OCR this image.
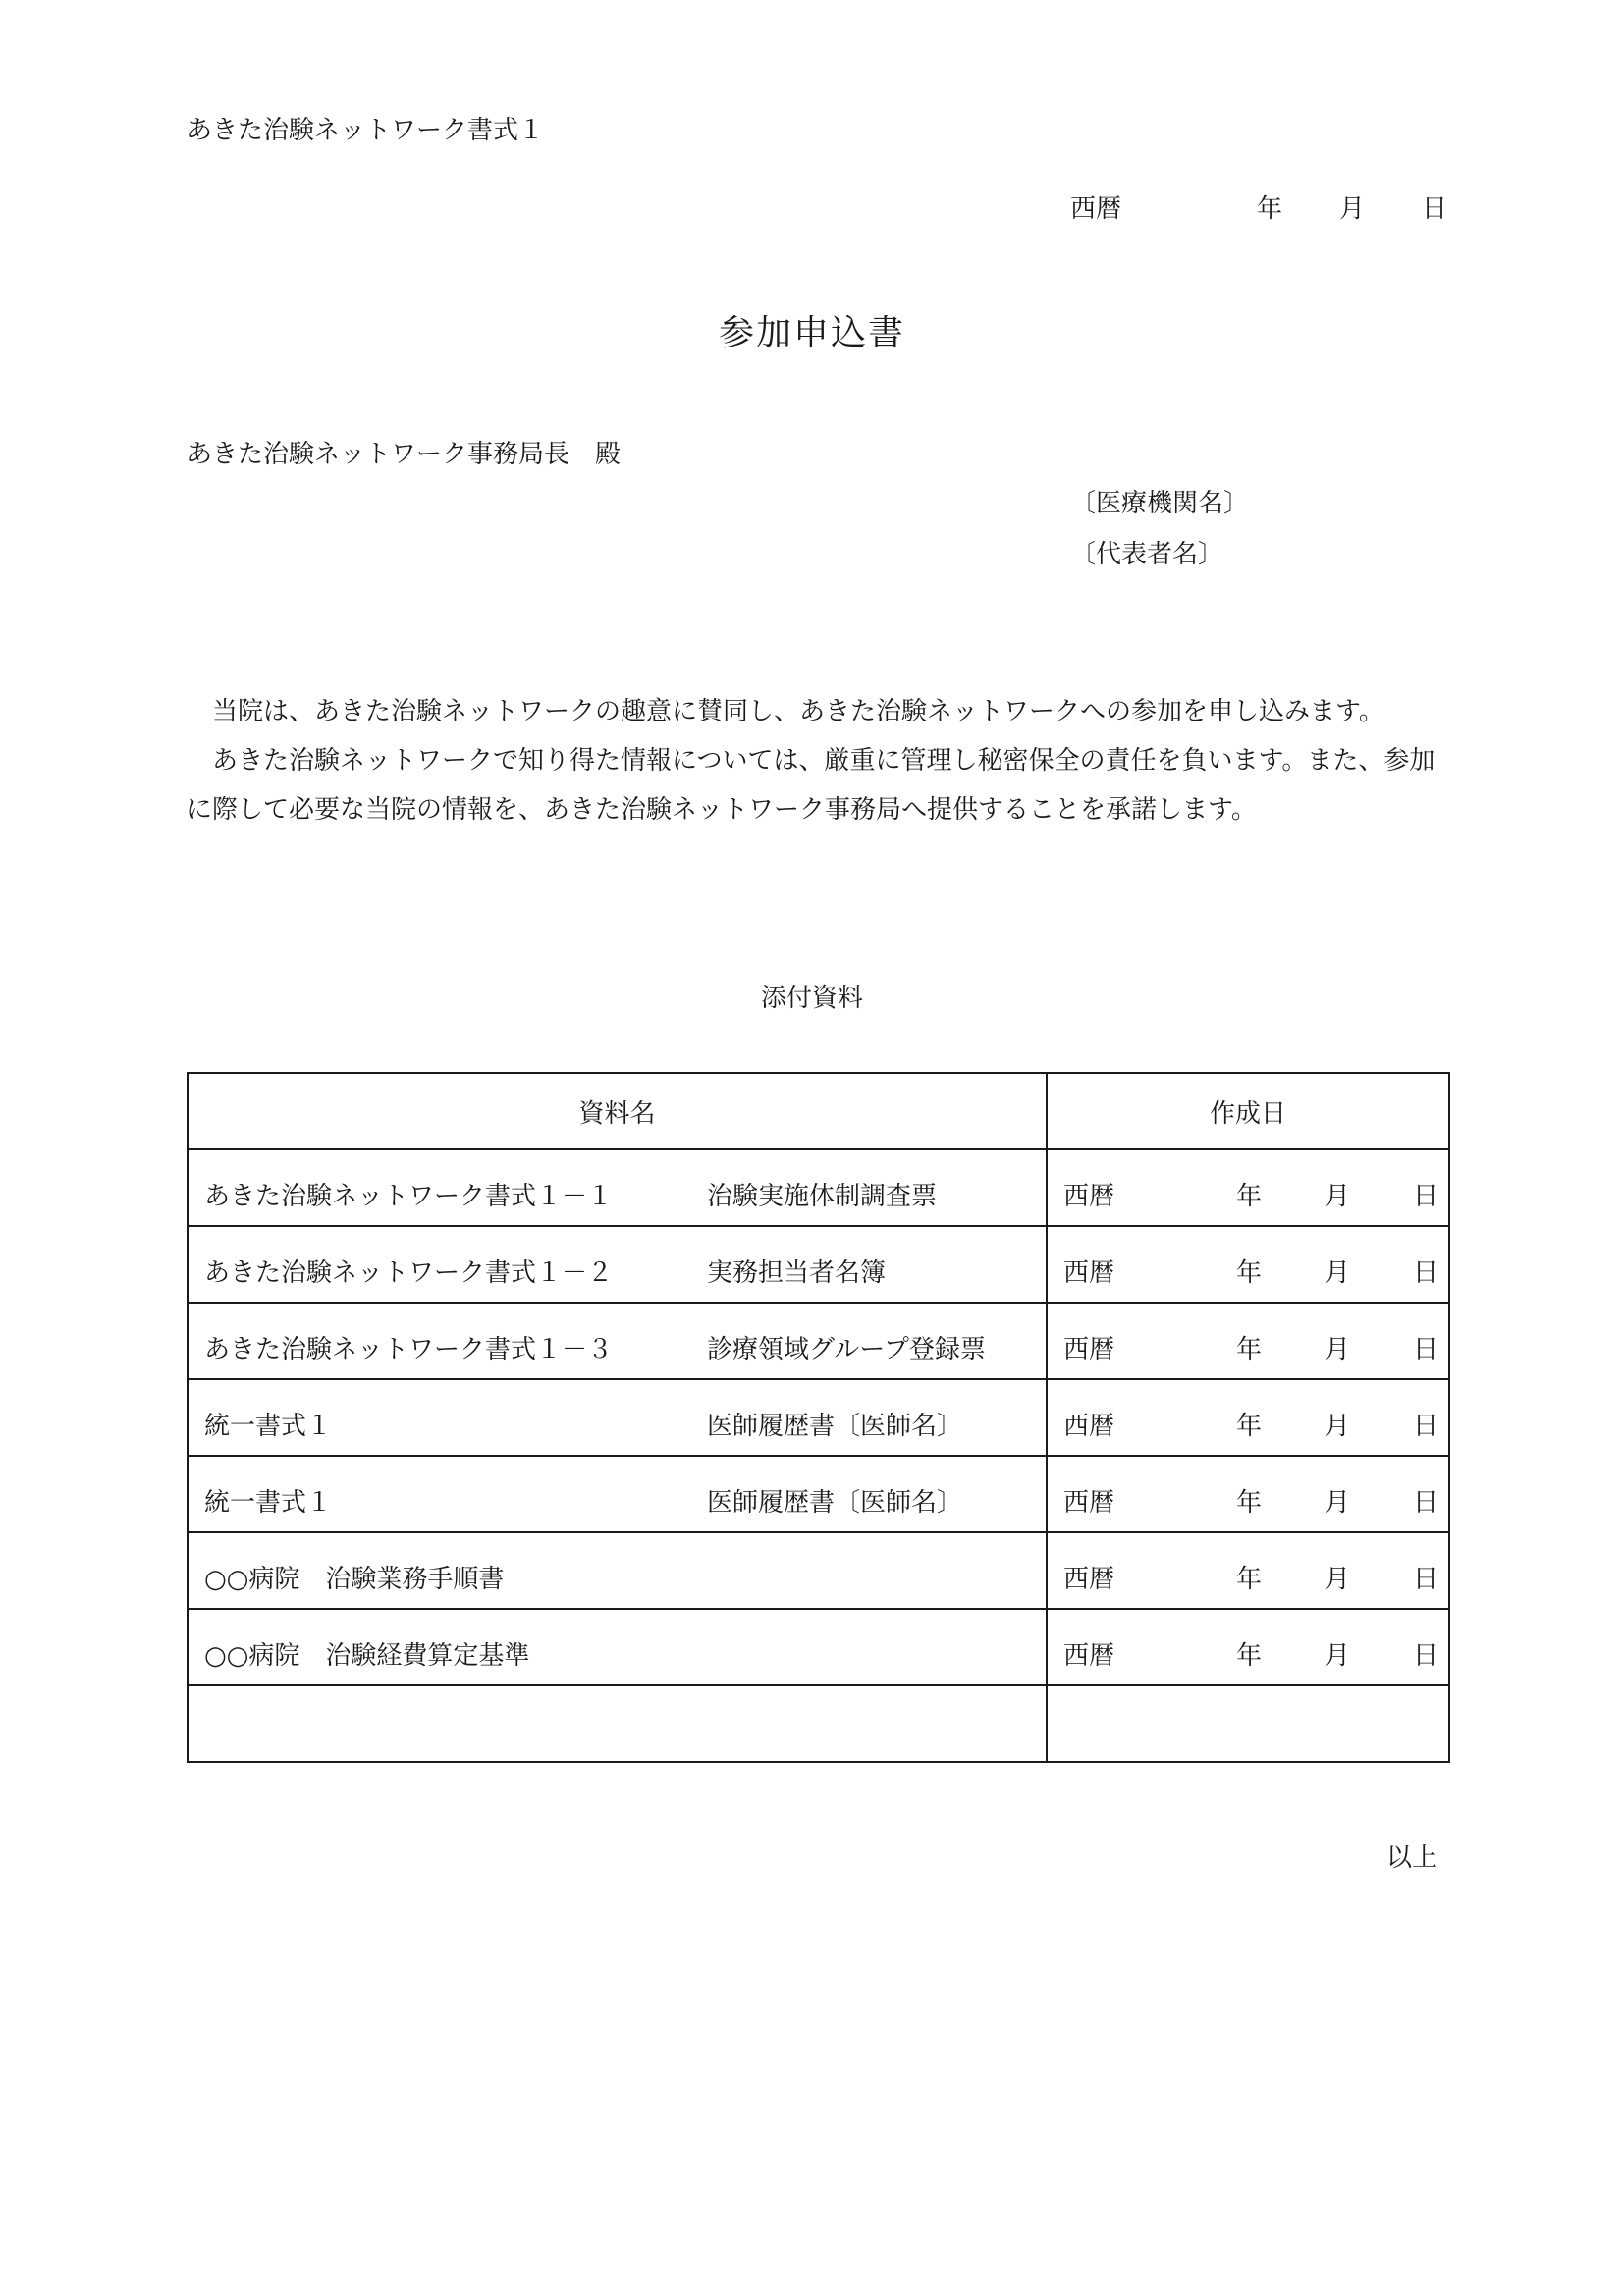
あきた治験ネットワーク書式１
西暦	年 月 日
参加申込書
あきた治験ネットワーク事務局長　殿
〔医療機関名〕
〔代表者名〕

当院は、あきた治験ネットワークの趣意に賛同し、あきた治験ネットワークへの参加を申し込みます。

あきた治験ネットワークで知り得た情報については、厳重に管理し秘密保全の責任を負います。また、参加に際して必要な当院の情報を、あきた治験ネットワーク事務局へ提供することを承諾します。

添付資料
資料名	作成日

あきた治験ネットワーク書式１－１ 治験実施体制調査票	西暦 年 月 日

あきた治験ネットワーク書式１－２ 実務担当者名簿	西暦 年 月 日

あきた治験ネットワーク書式１－３ 診療領域グループ登録票	西暦 年 月 日

統一書式１ 医師履歴書〔医師名〕	西暦 年 月 日

統一書式１ 医師履歴書〔医師名〕	西暦 年 月 日

○○病院　治験業務手順書	西暦 年 月 日

○○病院　治験経費算定基準	西暦 年 月 日

以上
